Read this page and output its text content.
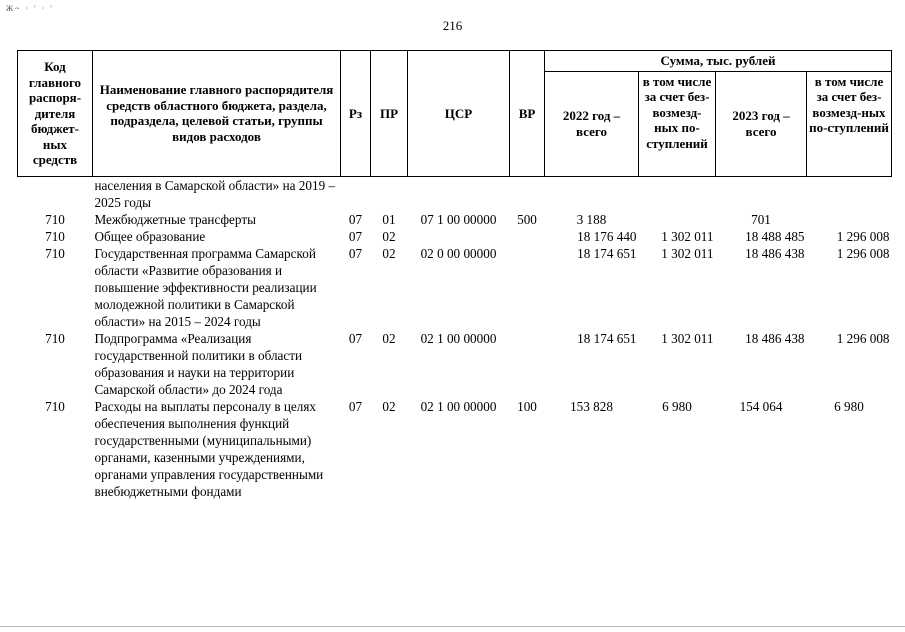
Ж~ · ' · '
216
Код главного распоря-дителя бюджет-ных средств	Наименование главного распорядителя средств областного бюджета, раздела, подраздела, целевой статьи, группы видов расходов	Рз	ПР	ЦСР	ВР	Сумма, тыс. рублей			
						2022 год – всего	в том числе за счет без-возмезд-ных по-ступлений	2023 год – всего	в том числе за счет без-возмезд-ных по-ступлений
	населения в Самарской области» на 2019 – 2025 годы								
710	Межбюджетные трансферты	07	01	07 1 00 00000	500	3 188		701	
710	Общее образование	07	02			18 176 440	1 302 011	18 488 485	1 296 008
710	Государственная программа Самарской области «Развитие образования и повышение эффективности реализации молодежной политики в Самарской области» на 2015 – 2024 годы	07	02	02 0 00 00000		18 174 651	1 302 011	18 486 438	1 296 008
710	Подпрограмма «Реализация государственной политики в области образования и науки на территории Самарской области» до 2024 года	07	02	02 1 00 00000		18 174 651	1 302 011	18 486 438	1 296 008
710	Расходы на выплаты персоналу в целях обеспечения выполнения функций государственными (муниципальными) органами, казенными учреждениями, органами управления государственными внебюджетными фондами	07	02	02 1 00 00000	100	153 828	6 980	154 064	6 980
